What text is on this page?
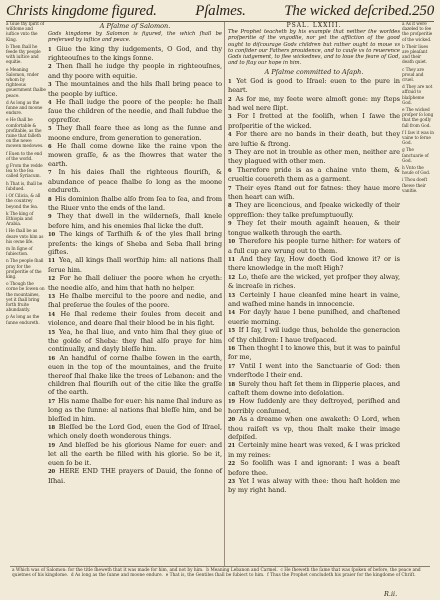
Christs kingdome figured.	Pſalmes.	The wicked deſcribed.250
a Giue thy ſpirit of wiſdome and iuſtice vnto the King.
b Then ſhall he feede thy people with iuſtice and equitie.
e Meaning Salomon, vnder whom by righteous gouernment ſhalbe peace.
d As long as the ſunne and moone endure.
e He ſhall be comfortable & profitable, as the raine that falleth on the newe mowen medowes.
f Euen to the end of the world.
g From the redde ſea to the ſea called Syriacum.
h That is, ſhall be ſubdued.
i Of Cilicia, & all the countrey beyond the ſea.
k The king of Ethiopia and Arabia.
l He ſhall be as deare vnto him as his owne life.
m In ſigne of ſubiection.
n The people ſhall pray for the proſperitie of the king.
o Though the corne be ſowen on the mountaines, yet it ſhall bring forth fruite abundantly.
p As long as the ſunne endureth.
A Pſalme of Salomon.
Gods kingdome by Salomon is figured, the which ſhall be preſerued by iuſtice and peace.

1 Giue the king thy iudgements, O God, and thy righteouſnes to the kings ſonne.

2 Then ſhall he iudge thy people in righteouſnes, and thy poore with equitie.

3 The mountaines and the hils ſhall bring peace to the people by iuſtice.

4 He ſhall iudge the poore of the people: he ſhall ſaue the children of the needie, and ſhall ſubdue the oppreſſor.

5 They ſhall feare thee as long as the ſunne and moone endure, from generation to generation.

6 He ſhall come downe like the raine vpon the mowen graſſe, & as the ſhowres that water the earth.

7 In his daies ſhall the righteous flouriſh, & abundance of peace ſhalbe ſo long as the moone endureth.

8 His dominion ſhalbe alſo from ſea to ſea, and from the Riuer vnto the ends of the land.

9 They that dwell in the wilderneſs, ſhall knele before him, and his enemies ſhal licke the duſt.

10 The kings of Tarſhiſh & of the yles ſhall bring preſents: the kings of Sheba and Seba ſhall bring giftes.

11 Yea, all kings ſhall worſhip him: all nations ſhall ſerue him.

12 For he ſhall deliuer the poore when he cryeth: the needie alſo, and him that hath no helper.

13 He ſhalbe merciful to the poore and nedie, and ſhal preſerue the ſoules of the poore.

14 He ſhal redeme their ſoules from deceit and violence, and deare ſhal their blood be in his ſight.

15 Yea, he ſhal liue, and vnto him ſhal they giue of the golde of Sheba: they ſhal alſo praye for him continually, and dayly bleſſe him.

16 An handful of corne ſhalbe ſowen in the earth, euen in the top of the mountaines, and the fruite thereof ſhal ſhake like the trees of Lebanon: and the children ſhal flouriſh out of the citie like the graſſe of the earth.

17 His name ſhalbe for euer: his name ſhal indure as long as the ſunne: al nations ſhal bleſſe him, and be bleſſed in him.

18 Bleſſed be the Lord God, euen the God of Iſrael, which onely doeth wonderous things.

19 And bleſſed be his glorious Name for euer: and let all the earth be filled with his glorie. So be it, euen ſo be it.

20 HERE END THE prayers of Dauid, the ſonne of Iſhai.

PSAL. LXXIII.
The Prophet teacheth by his example that neither the worldes proſperitie of the vngodlie, nor yet the affliction of the good ought to diſcourage Gods children but rather ought to moue vs to conſider our Fathers prouidence, and to cauſe vs to reuerence Gods iudgement, to flee wickednes, and to loue the feare of God, and to ſtay our hope in him.
A Pſalme committed to Aſaph.

1 Yet God is good to Iſrael: euen to the pure in heart.

2 As for me, my feete were almoſt gone: my ſteps had wel nere ſlipt.

3 For I fretted at the fooliſh, when I ſawe the proſperitie of the wicked.

4 For there are no bands in their death, but they are luſtie & ſtrong.

5 They are not in trouble as other men, neither are they plagued with other men.

6 Therefore pride is as a chaine vnto them, & crueltie couereth them as a garment.

7 Their eyes ſtand out for fatnes: they haue more then heart can wiſh.

8 They are licencious, and ſpeake wickedly of their oppreſſion: they talke preſumptuouſly.

9 They ſet their mouth againſt heauen, & their tongue walketh through the earth.

10 Therefore his people turne hither: for waters of a full cup are wrung out to them.

11 And they ſay, How doeth God knowe it? or is there knowledge in the moſt High?

12 Lo, theſe are the wicked, yet proſper they alway, & increaſe in riches.

13 Certeinly I haue cleanſed mine heart in vaine, and waſhed mine hands in innocencie.

14 For dayly haue I bene puniſhed, and chaſtened euerie morning.

15 If I ſay, I wil iudge thus, beholde the generacion of thy children: I haue treſpaced.

16 Then thoght I to knowe this, but it was to painful for me,

17 Vntil I went into the Sanctuarie of God: then vnderſtode I their end.

18 Surely thou haſt ſet them in ſlipperie places, and caſteſt them downe into deſolation.

19 How ſuddenly are they deſtroyed, periſhed and horribly conſumed,

20 As a dreame when one awaketh: O Lord, when thou raiſeſt vs vp, thou ſhalt make their image deſpiſed.

21 Certeinly mine heart was vexed, & I was pricked in my reines:

22 So fooliſh was I and ignorant: I was a beaſt before thee.

23 Yet I was alway with thee: thou haſt holden me by my right hand.

a As it were dazeled to ſee the proſperitie of the wicked.
b Their liues are pleaſant and their death quiet.
c They are proud and cruel.
d They are not affraid to blaſpheme God.
e The wicked proſper ſo long that the godly fall from God.
f I ſaw it was in vaine to ſerue God.
g The ſanctuarie of God.
h Vnto the houſe of God.
i Thou doeſt ſhewe their vanitie.
a Which was of Salomon: for the title ſheweth that it was made for him, and not by him.  b Meaning Lebanon and Carmel.  c He ſheweth the ſame that was ſpoken of before, the peace and quietnes of his kingdome.  d As long as the ſunne and moone endure.  e That is, the Gentiles ſhall be ſubiect to him.  f Thus the Prophet concludeth his praier for the kingdome of Chriſt.
R.ii.
